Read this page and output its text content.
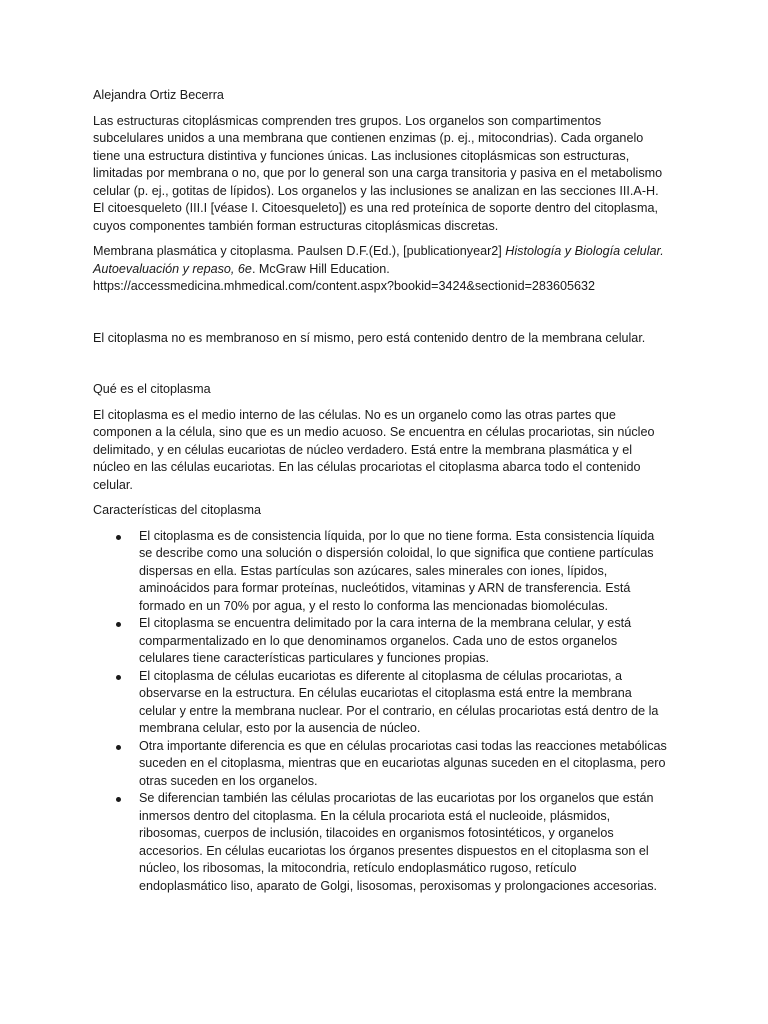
Alejandra Ortiz Becerra

Las estructuras citoplásmicas comprenden tres grupos. Los organelos son compartimentos subcelulares unidos a una membrana que contienen enzimas (p. ej., mitocondrias). Cada organelo tiene una estructura distintiva y funciones únicas. Las inclusiones citoplásmicas son estructuras, limitadas por membrana o no, que por lo general son una carga transitoria y pasiva en el metabolismo celular (p. ej., gotitas de lípidos). Los organelos y las inclusiones se analizan en las secciones III.A-H. El citoesqueleto (III.I [véase I. Citoesqueleto]) es una red proteínica de soporte dentro del citoplasma, cuyos componentes también forman estructuras citoplásmicas discretas.

Membrana plasmática y citoplasma. Paulsen D.F.(Ed.), [publicationyear2] Histología y Biología celular. Autoevaluación y repaso, 6e. McGraw Hill Education.
https://accessmedicina.mhmedical.com/content.aspx?bookid=3424&sectionid=283605632

El citoplasma no es membranoso en sí mismo, pero está contenido dentro de la membrana celular.

Qué es el citoplasma

El citoplasma es el medio interno de las células. No es un organelo como las otras partes que componen a la célula, sino que es un medio acuoso. Se encuentra en células procariotas, sin núcleo delimitado, y en células eucariotas de núcleo verdadero. Está entre la membrana plasmática y el núcleo en las células eucariotas. En las células procariotas el citoplasma abarca todo el contenido celular.

Características del citoplasma

El citoplasma es de consistencia líquida, por lo que no tiene forma. Esta consistencia líquida se describe como una solución o dispersión coloidal, lo que significa que contiene partículas dispersas en ella. Estas partículas son azúcares, sales minerales con iones, lípidos, aminoácidos para formar proteínas, nucleótidos, vitaminas y ARN de transferencia. Está formado en un 70% por agua, y el resto lo conforma las mencionadas biomoléculas.
El citoplasma se encuentra delimitado por la cara interna de la membrana celular, y está comparmentalizado en lo que denominamos organelos. Cada uno de estos organelos celulares tiene características particulares y funciones propias.
El citoplasma de células eucariotas es diferente al citoplasma de células procariotas, a observarse en la estructura. En células eucariotas el citoplasma está entre la membrana celular y entre la membrana nuclear. Por el contrario, en células procariotas está dentro de la membrana celular, esto por la ausencia de núcleo.
Otra importante diferencia es que en células procariotas casi todas las reacciones metabólicas suceden en el citoplasma, mientras que en eucariotas algunas suceden en el citoplasma, pero otras suceden en los organelos.
Se diferencian también las células procariotas de las eucariotas por los organelos que están inmersos dentro del citoplasma. En la célula procariota está el nucleoide, plásmidos, ribosomas, cuerpos de inclusión, tilacoides en organismos fotosintéticos, y organelos accesorios. En células eucariotas los órganos presentes dispuestos en el citoplasma son el núcleo, los ribosomas, la mitocondria, retículo endoplasmático rugoso, retículo endoplasmático liso, aparato de Golgi, lisosomas, peroxisomas y prolongaciones accesorias.
